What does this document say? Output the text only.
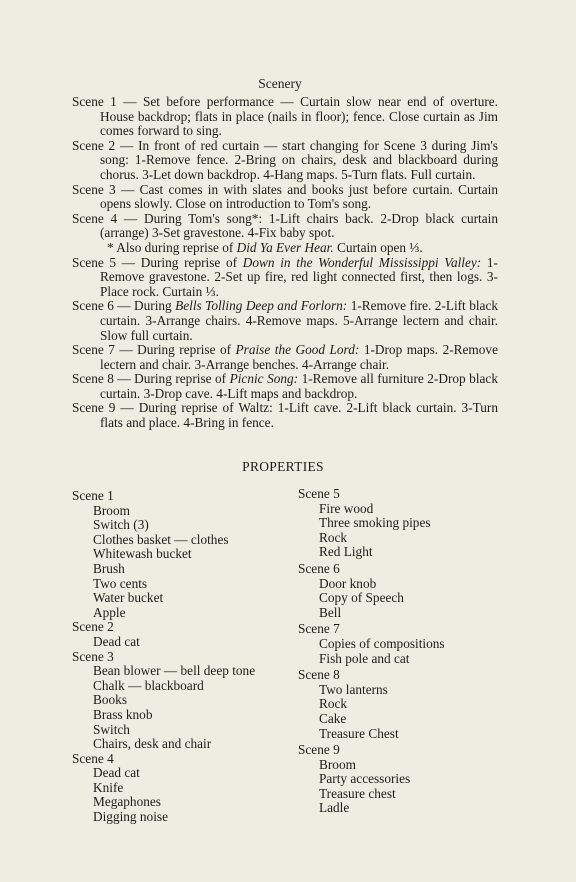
Scenery
Scene 1 — Set before performance — Curtain slow near end of overture. House backdrop; flats in place (nails in floor); fence. Close curtain as Jim comes forward to sing.
Scene 2 — In front of red curtain — start changing for Scene 3 during Jim's song: 1-Remove fence. 2-Bring on chairs, desk and blackboard during chorus. 3-Let down backdrop. 4-Hang maps. 5-Turn flats. Full curtain.
Scene 3 — Cast comes in with slates and books just before curtain. Curtain opens slowly. Close on introduction to Tom's song.
Scene 4 — During Tom's song*: 1-Lift chairs back. 2-Drop black curtain (arrange) 3-Set gravestone. 4-Fix baby spot.
* Also during reprise of Did Ya Ever Hear. Curtain open ⅓.
Scene 5 — During reprise of Down in the Wonderful Mississippi Valley: 1-Remove gravestone. 2-Set up fire, red light connected first, then logs. 3-Place rock. Curtain ⅓.
Scene 6 — During Bells Tolling Deep and Forlorn: 1-Remove fire. 2-Lift black curtain. 3-Arrange chairs. 4-Remove maps. 5-Arrange lectern and chair. Slow full curtain.
Scene 7 — During reprise of Praise the Good Lord: 1-Drop maps. 2-Remove lectern and chair. 3-Arrange benches. 4-Arrange chair.
Scene 8 — During reprise of Picnic Song: 1-Remove all furniture 2-Drop black curtain. 3-Drop cave. 4-Lift maps and backdrop.
Scene 9 — During reprise of Waltz: 1-Lift cave. 2-Lift black curtain. 3-Turn flats and place. 4-Bring in fence.
PROPERTIES
Scene 1
Broom
Switch (3)
Clothes basket — clothes
Whitewash bucket
Brush
Two cents
Water bucket
Apple
Scene 2
Dead cat
Scene 3
Bean blower — bell deep tone
Chalk — blackboard
Books
Brass knob
Switch
Chairs, desk and chair
Scene 4
Dead cat
Knife
Megaphones
Digging noise
Scene 5
Fire wood
Three smoking pipes
Rock
Red Light
Scene 6
Door knob
Copy of Speech
Bell
Scene 7
Copies of compositions
Fish pole and cat
Scene 8
Two lanterns
Rock
Cake
Treasure Chest
Scene 9
Broom
Party accessories
Treasure chest
Ladle
